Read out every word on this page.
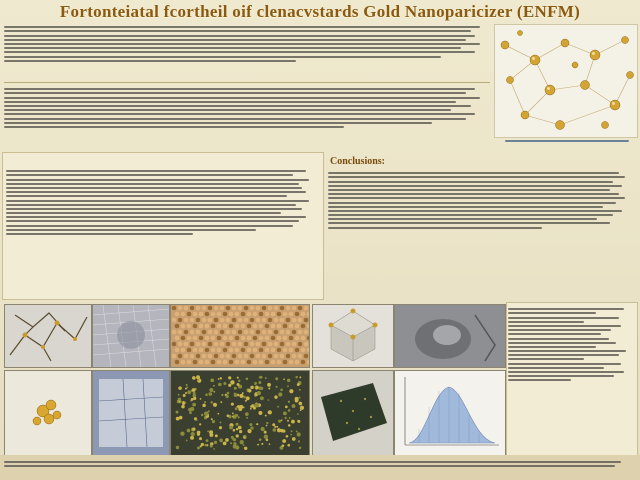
Fortonteiatal fcortheil oif clenacvstards Gold Nanoparicizer (ENFM)
Conclusions:
